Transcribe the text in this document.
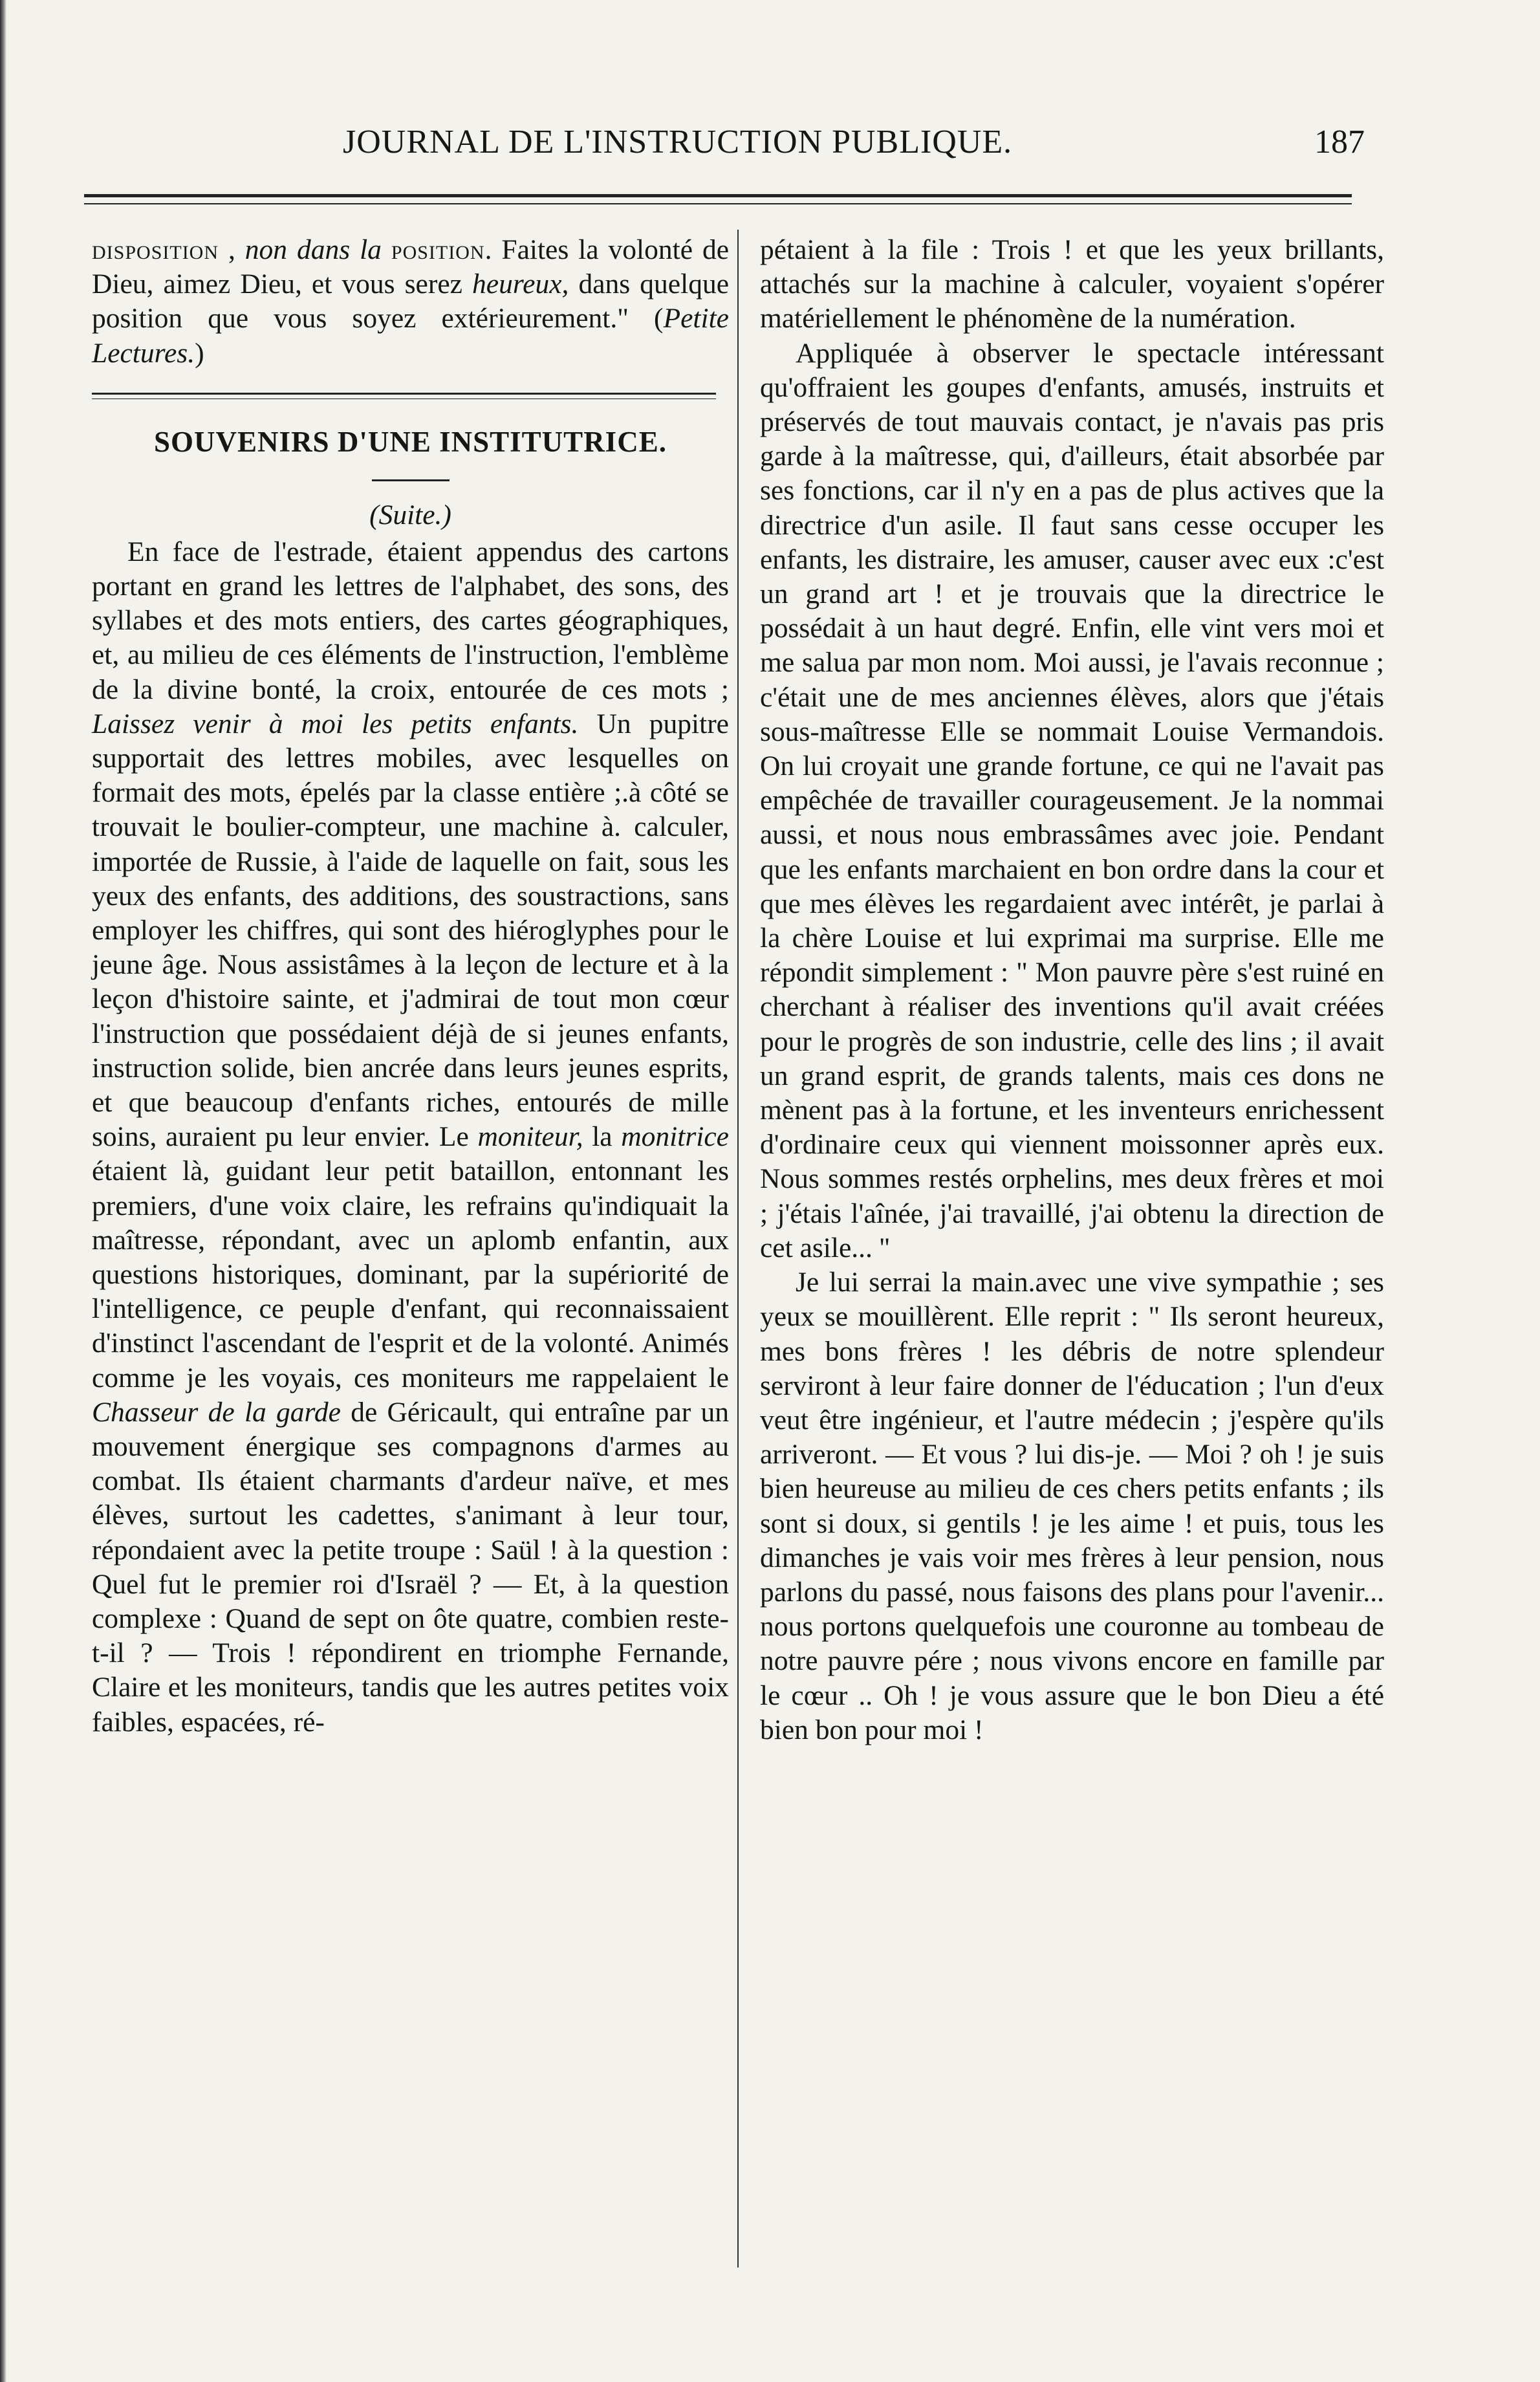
JOURNAL DE L'INSTRUCTION PUBLIQUE.	187

disposition , non dans la position. Faites la volonté de Dieu, aimez Dieu, et vous serez heureux, dans quelque position que vous soyez extérieurement." (Petite Lectures.)

SOUVENIRS D'UNE INSTITUTRICE.

(Suite.)

En face de l'estrade, étaient appendus des cartons portant en grand les lettres de l'alphabet, des sons, des syllabes et des mots entiers, des cartes géographiques, et, au milieu de ces éléments de l'instruction, l'emblème de la divine bonté, la croix, entourée de ces mots ; Laissez venir à moi les petits enfants. Un pupitre supportait des lettres mobiles, avec lesquelles on formait des mots, épelés par la classe entière ;.à côté se trouvait le boulier-compteur, une machine à. calculer, importée de Russie, à l'aide de laquelle on fait, sous les yeux des enfants, des additions, des soustractions, sans employer les chiffres, qui sont des hiéroglyphes pour le jeune âge. Nous assistâmes à la leçon de lecture et à la leçon d'histoire sainte, et j'admirai de tout mon cœur l'instruction que possédaient déjà de si jeunes enfants, instruction solide, bien ancrée dans leurs jeunes esprits, et que beaucoup d'enfants riches, entourés de mille soins, auraient pu leur envier. Le moniteur, la monitrice étaient là, guidant leur petit bataillon, entonnant les premiers, d'une voix claire, les refrains qu'indiquait la maîtresse, répondant, avec un aplomb enfantin, aux questions historiques, dominant, par la supériorité de l'intelligence, ce peuple d'enfant, qui reconnaissaient d'instinct l'ascendant de l'esprit et de la volonté. Animés comme je les voyais, ces moniteurs me rappelaient le Chasseur de la garde de Géricault, qui entraîne par un mouvement énergique ses compagnons d'armes au combat. Ils étaient charmants d'ardeur naïve, et mes élèves, surtout les cadettes, s'animant à leur tour, répondaient avec la petite troupe : Saül ! à la question : Quel fut le premier roi d'Israël ? — Et, à la question complexe : Quand de sept on ôte quatre, combien reste-t-il ? — Trois ! répondirent en triomphe Fernande, Claire et les moniteurs, tandis que les autres petites voix faibles, espacées, ré-

pétaient à la file : Trois ! et que les yeux brillants, attachés sur la machine à calculer, voyaient s'opérer matériellement le phénomène de la numération.

Appliquée à observer le spectacle intéressant qu'offraient les goupes d'enfants, amusés, instruits et préservés de tout mauvais contact, je n'avais pas pris garde à la maîtresse, qui, d'ailleurs, était absorbée par ses fonctions, car il n'y en a pas de plus actives que la directrice d'un asile. Il faut sans cesse occuper les enfants, les distraire, les amuser, causer avec eux :c'est un grand art ! et je trouvais que la directrice le possédait à un haut degré. Enfin, elle vint vers moi et me salua par mon nom. Moi aussi, je l'avais reconnue ; c'était une de mes anciennes élèves, alors que j'étais sous-maîtresse Elle se nommait Louise Vermandois. On lui croyait une grande fortune, ce qui ne l'avait pas empêchée de travailler courageusement. Je la nommai aussi, et nous nous embrassâmes avec joie. Pendant que les enfants marchaient en bon ordre dans la cour et que mes élèves les regardaient avec intérêt, je parlai à la chère Louise et lui exprimai ma surprise. Elle me répondit simplement : " Mon pauvre père s'est ruiné en cherchant à réaliser des inventions qu'il avait créées pour le progrès de son industrie, celle des lins ; il avait un grand esprit, de grands talents, mais ces dons ne mènent pas à la fortune, et les inventeurs enrichessent d'ordinaire ceux qui viennent moissonner après eux. Nous sommes restés orphelins, mes deux frères et moi ; j'étais l'aînée, j'ai travaillé, j'ai obtenu la direction de cet asile... ''

Je lui serrai la main.avec une vive sympathie ; ses yeux se mouillèrent. Elle reprit : " Ils seront heureux, mes bons frères ! les débris de notre splendeur serviront à leur faire donner de l'éducation ; l'un d'eux veut être ingénieur, et l'autre médecin ; j'espère qu'ils arriveront. — Et vous ? lui dis-je. — Moi ? oh ! je suis bien heureuse au milieu de ces chers petits enfants ; ils sont si doux, si gentils ! je les aime ! et puis, tous les dimanches je vais voir mes frères à leur pension, nous parlons du passé, nous faisons des plans pour l'avenir... nous portons quelquefois une couronne au tombeau de notre pauvre pére ; nous vivons encore en famille par le cœur .. Oh ! je vous assure que le bon Dieu a été bien bon pour moi !
